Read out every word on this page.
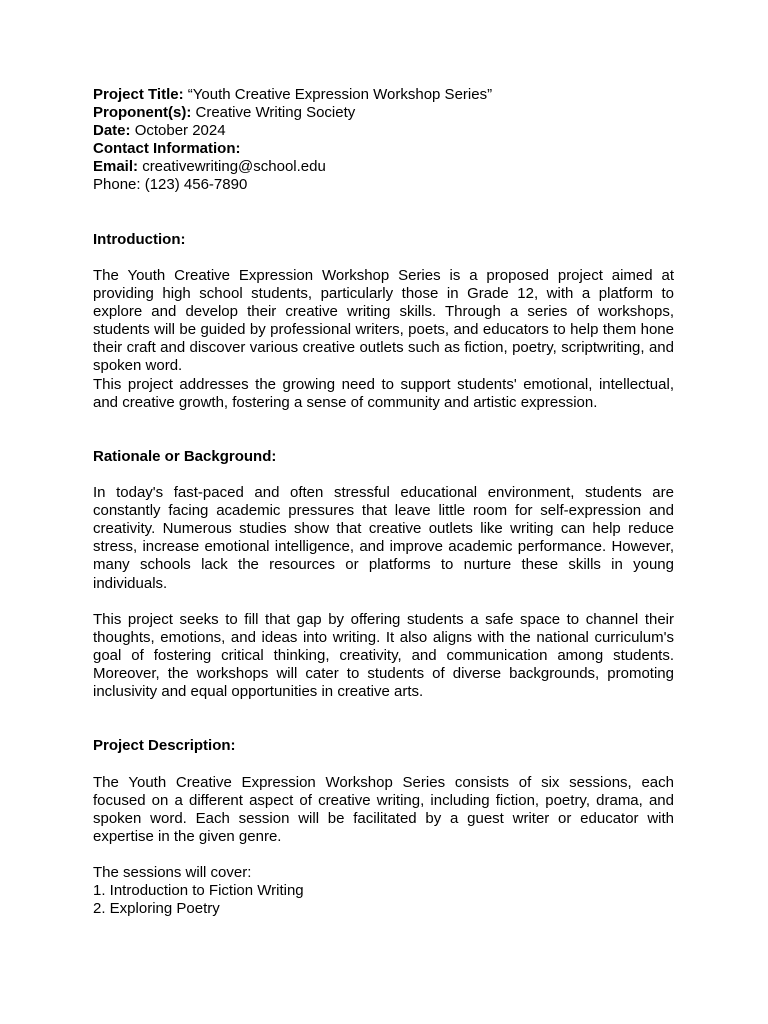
Project Title: “Youth Creative Expression Workshop Series”

Proponent(s): Creative Writing Society

Date: October 2024

Contact Information:

Email: creativewriting@school.edu

Phone: (123) 456-7890

Introduction:

The Youth Creative Expression Workshop Series is a proposed project aimed at providing high school students, particularly those in Grade 12, with a platform to explore and develop their creative writing skills. Through a series of workshops, students will be guided by professional writers, poets, and educators to help them hone their craft and discover various creative outlets such as fiction, poetry, scriptwriting, and spoken word.

This project addresses the growing need to support students' emotional, intellectual, and creative growth, fostering a sense of community and artistic expression.

Rationale or Background:

In today's fast-paced and often stressful educational environment, students are constantly facing academic pressures that leave little room for self-expression and creativity. Numerous studies show that creative outlets like writing can help reduce stress, increase emotional intelligence, and improve academic performance. However, many schools lack the resources or platforms to nurture these skills in young individuals.

This project seeks to fill that gap by offering students a safe space to channel their thoughts, emotions, and ideas into writing. It also aligns with the national curriculum's goal of fostering critical thinking, creativity, and communication among students. Moreover, the workshops will cater to students of diverse backgrounds, promoting inclusivity and equal opportunities in creative arts.

Project Description:

The Youth Creative Expression Workshop Series consists of six sessions, each focused on a different aspect of creative writing, including fiction, poetry, drama, and spoken word. Each session will be facilitated by a guest writer or educator with expertise in the given genre.

The sessions will cover:

1. Introduction to Fiction Writing

2. Exploring Poetry
